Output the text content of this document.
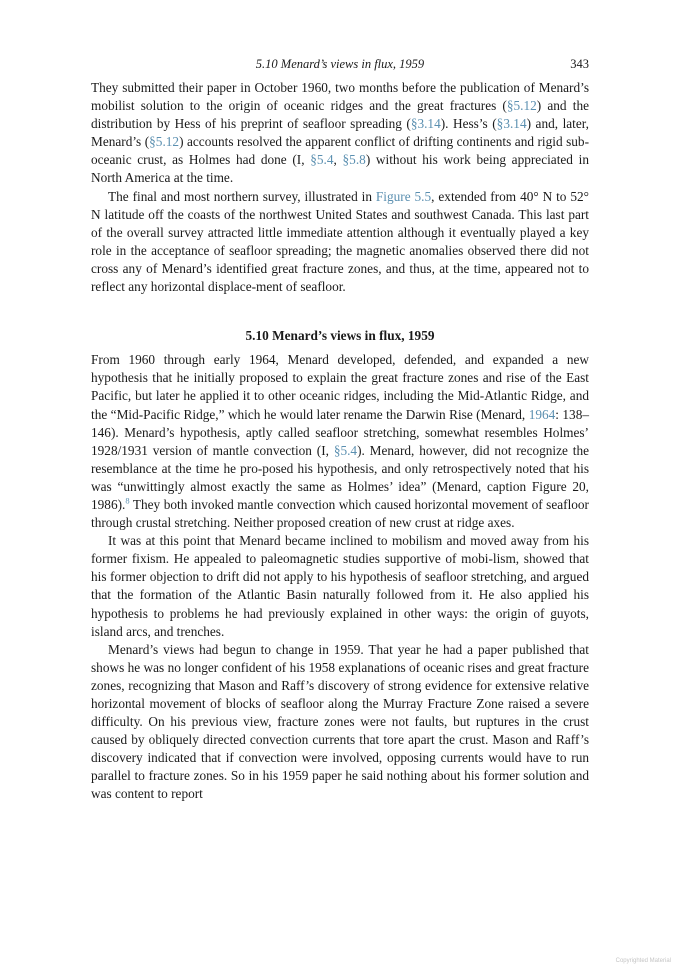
5.10 Menard’s views in flux, 1959	343

They submitted their paper in October 1960, two months before the publication of Menard’s mobilist solution to the origin of oceanic ridges and the great fractures (§5.12) and the distribution by Hess of his preprint of seafloor spreading (§3.14). Hess’s (§3.14) and, later, Menard’s (§5.12) accounts resolved the apparent conflict of drifting continents and rigid sub-oceanic crust, as Holmes had done (I, §5.4, §5.8) without his work being appreciated in North America at the time.

The final and most northern survey, illustrated in Figure 5.5, extended from 40° N to 52° N latitude off the coasts of the northwest United States and southwest Canada. This last part of the overall survey attracted little immediate attention although it eventually played a key role in the acceptance of seafloor spreading; the magnetic anomalies observed there did not cross any of Menard’s identified great fracture zones, and thus, at the time, appeared not to reflect any horizontal displace-ment of seafloor.

5.10 Menard’s views in flux, 1959

From 1960 through early 1964, Menard developed, defended, and expanded a new hypothesis that he initially proposed to explain the great fracture zones and rise of the East Pacific, but later he applied it to other oceanic ridges, including the Mid-Atlantic Ridge, and the “Mid-Pacific Ridge,” which he would later rename the Darwin Rise (Menard, 1964: 138–146). Menard’s hypothesis, aptly called seafloor stretching, somewhat resembles Holmes’ 1928/1931 version of mantle convection (I, §5.4). Menard, however, did not recognize the resemblance at the time he pro-posed his hypothesis, and only retrospectively noted that his was “unwittingly almost exactly the same as Holmes’ idea” (Menard, caption Figure 20, 1986).$^8$ They both invoked mantle convection which caused horizontal movement of seafloor through crustal stretching. Neither proposed creation of new crust at ridge axes.

It was at this point that Menard became inclined to mobilism and moved away from his former fixism. He appealed to paleomagnetic studies supportive of mobi-lism, showed that his former objection to drift did not apply to his hypothesis of seafloor stretching, and argued that the formation of the Atlantic Basin naturally followed from it. He also applied his hypothesis to problems he had previously explained in other ways: the origin of guyots, island arcs, and trenches.

Menard’s views had begun to change in 1959. That year he had a paper published that shows he was no longer confident of his 1958 explanations of oceanic rises and great fracture zones, recognizing that Mason and Raff’s discovery of strong evidence for extensive relative horizontal movement of blocks of seafloor along the Murray Fracture Zone raised a severe difficulty. On his previous view, fracture zones were not faults, but ruptures in the crust caused by obliquely directed convection currents that tore apart the crust. Mason and Raff’s discovery indicated that if convection were involved, opposing currents would have to run parallel to fracture zones. So in his 1959 paper he said nothing about his former solution and was content to report

Copyrighted Material
